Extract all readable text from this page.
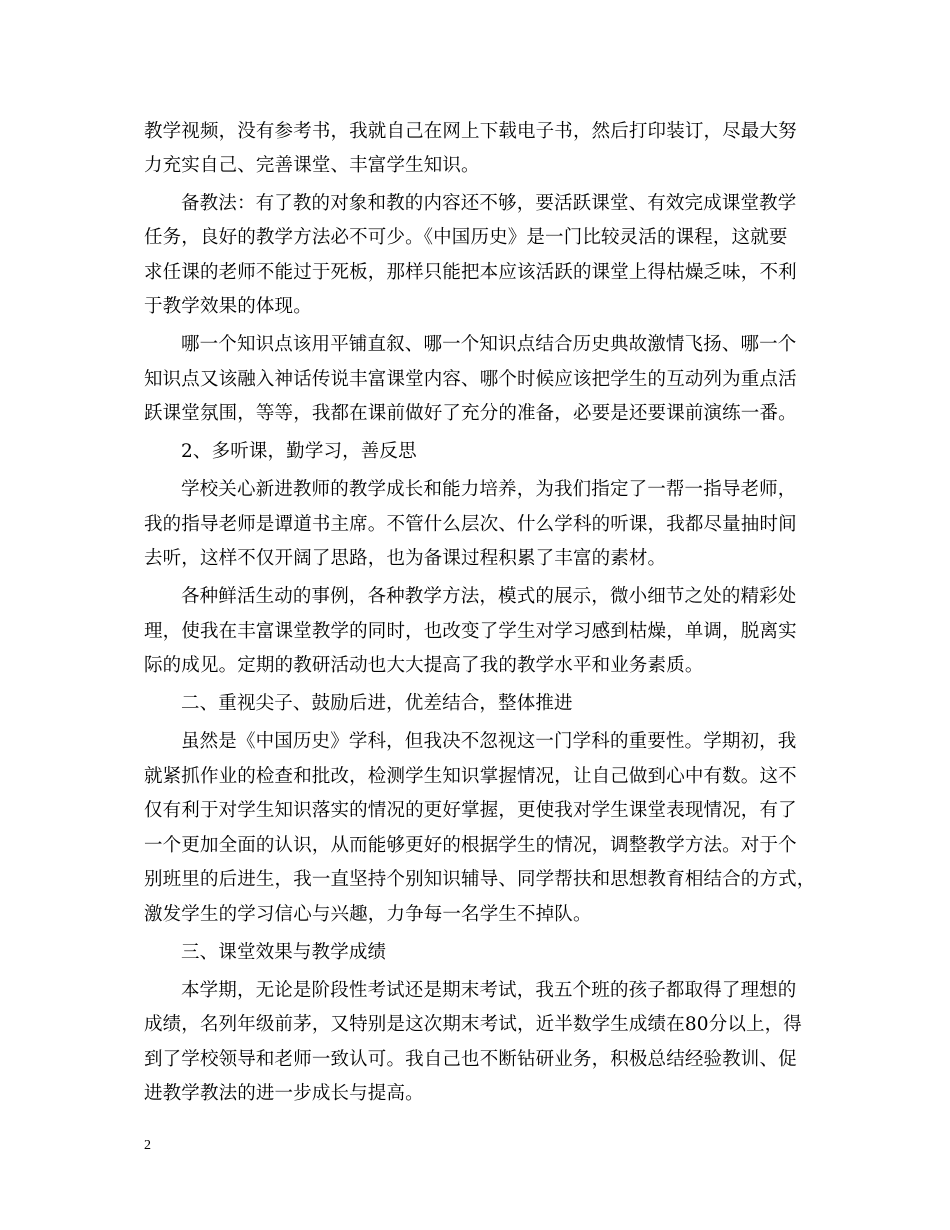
教学视频，没有参考书，我就自己在网上下载电子书，然后打印装订，尽最大努
力充实自己、完善课堂、丰富学生知识。
备教法：有了教的对象和教的内容还不够，要活跃课堂、有效完成课堂教学
任务，良好的教学方法必不可少。《中国历史》是一门比较灵活的课程，这就要
求任课的老师不能过于死板，那样只能把本应该活跃的课堂上得枯燥乏味，不利
于教学效果的体现。
哪一个知识点该用平铺直叙、哪一个知识点结合历史典故激情飞扬、哪一个
知识点又该融入神话传说丰富课堂内容、哪个时候应该把学生的互动列为重点活
跃课堂氛围，等等，我都在课前做好了充分的准备，必要是还要课前演练一番。
2、多听课，勤学习，善反思
学校关心新进教师的教学成长和能力培养，为我们指定了一帮一指导老师，
我的指导老师是谭道书主席。不管什么层次、什么学科的听课，我都尽量抽时间
去听，这样不仅开阔了思路，也为备课过程积累了丰富的素材。
各种鲜活生动的事例，各种教学方法，模式的展示，微小细节之处的精彩处
理，使我在丰富课堂教学的同时，也改变了学生对学习感到枯燥，单调，脱离实
际的成见。定期的教研活动也大大提高了我的教学水平和业务素质。
二、重视尖子、鼓励后进，优差结合，整体推进
虽然是《中国历史》学科，但我决不忽视这一门学科的重要性。学期初，我
就紧抓作业的检查和批改，检测学生知识掌握情况，让自己做到心中有数。这不
仅有利于对学生知识落实的情况的更好掌握，更使我对学生课堂表现情况，有了
一个更加全面的认识，从而能够更好的根据学生的情况，调整教学方法。对于个
别班里的后进生，我一直坚持个别知识辅导、同学帮扶和思想教育相结合的方式，
激发学生的学习信心与兴趣，力争每一名学生不掉队。
三、课堂效果与教学成绩
本学期，无论是阶段性考试还是期末考试，我五个班的孩子都取得了理想的
成绩，名列年级前茅，又特别是这次期末考试，近半数学生成绩在80分以上，得
到了学校领导和老师一致认可。我自己也不断钻研业务，积极总结经验教训、促
进教学教法的进一步成长与提高。
2
